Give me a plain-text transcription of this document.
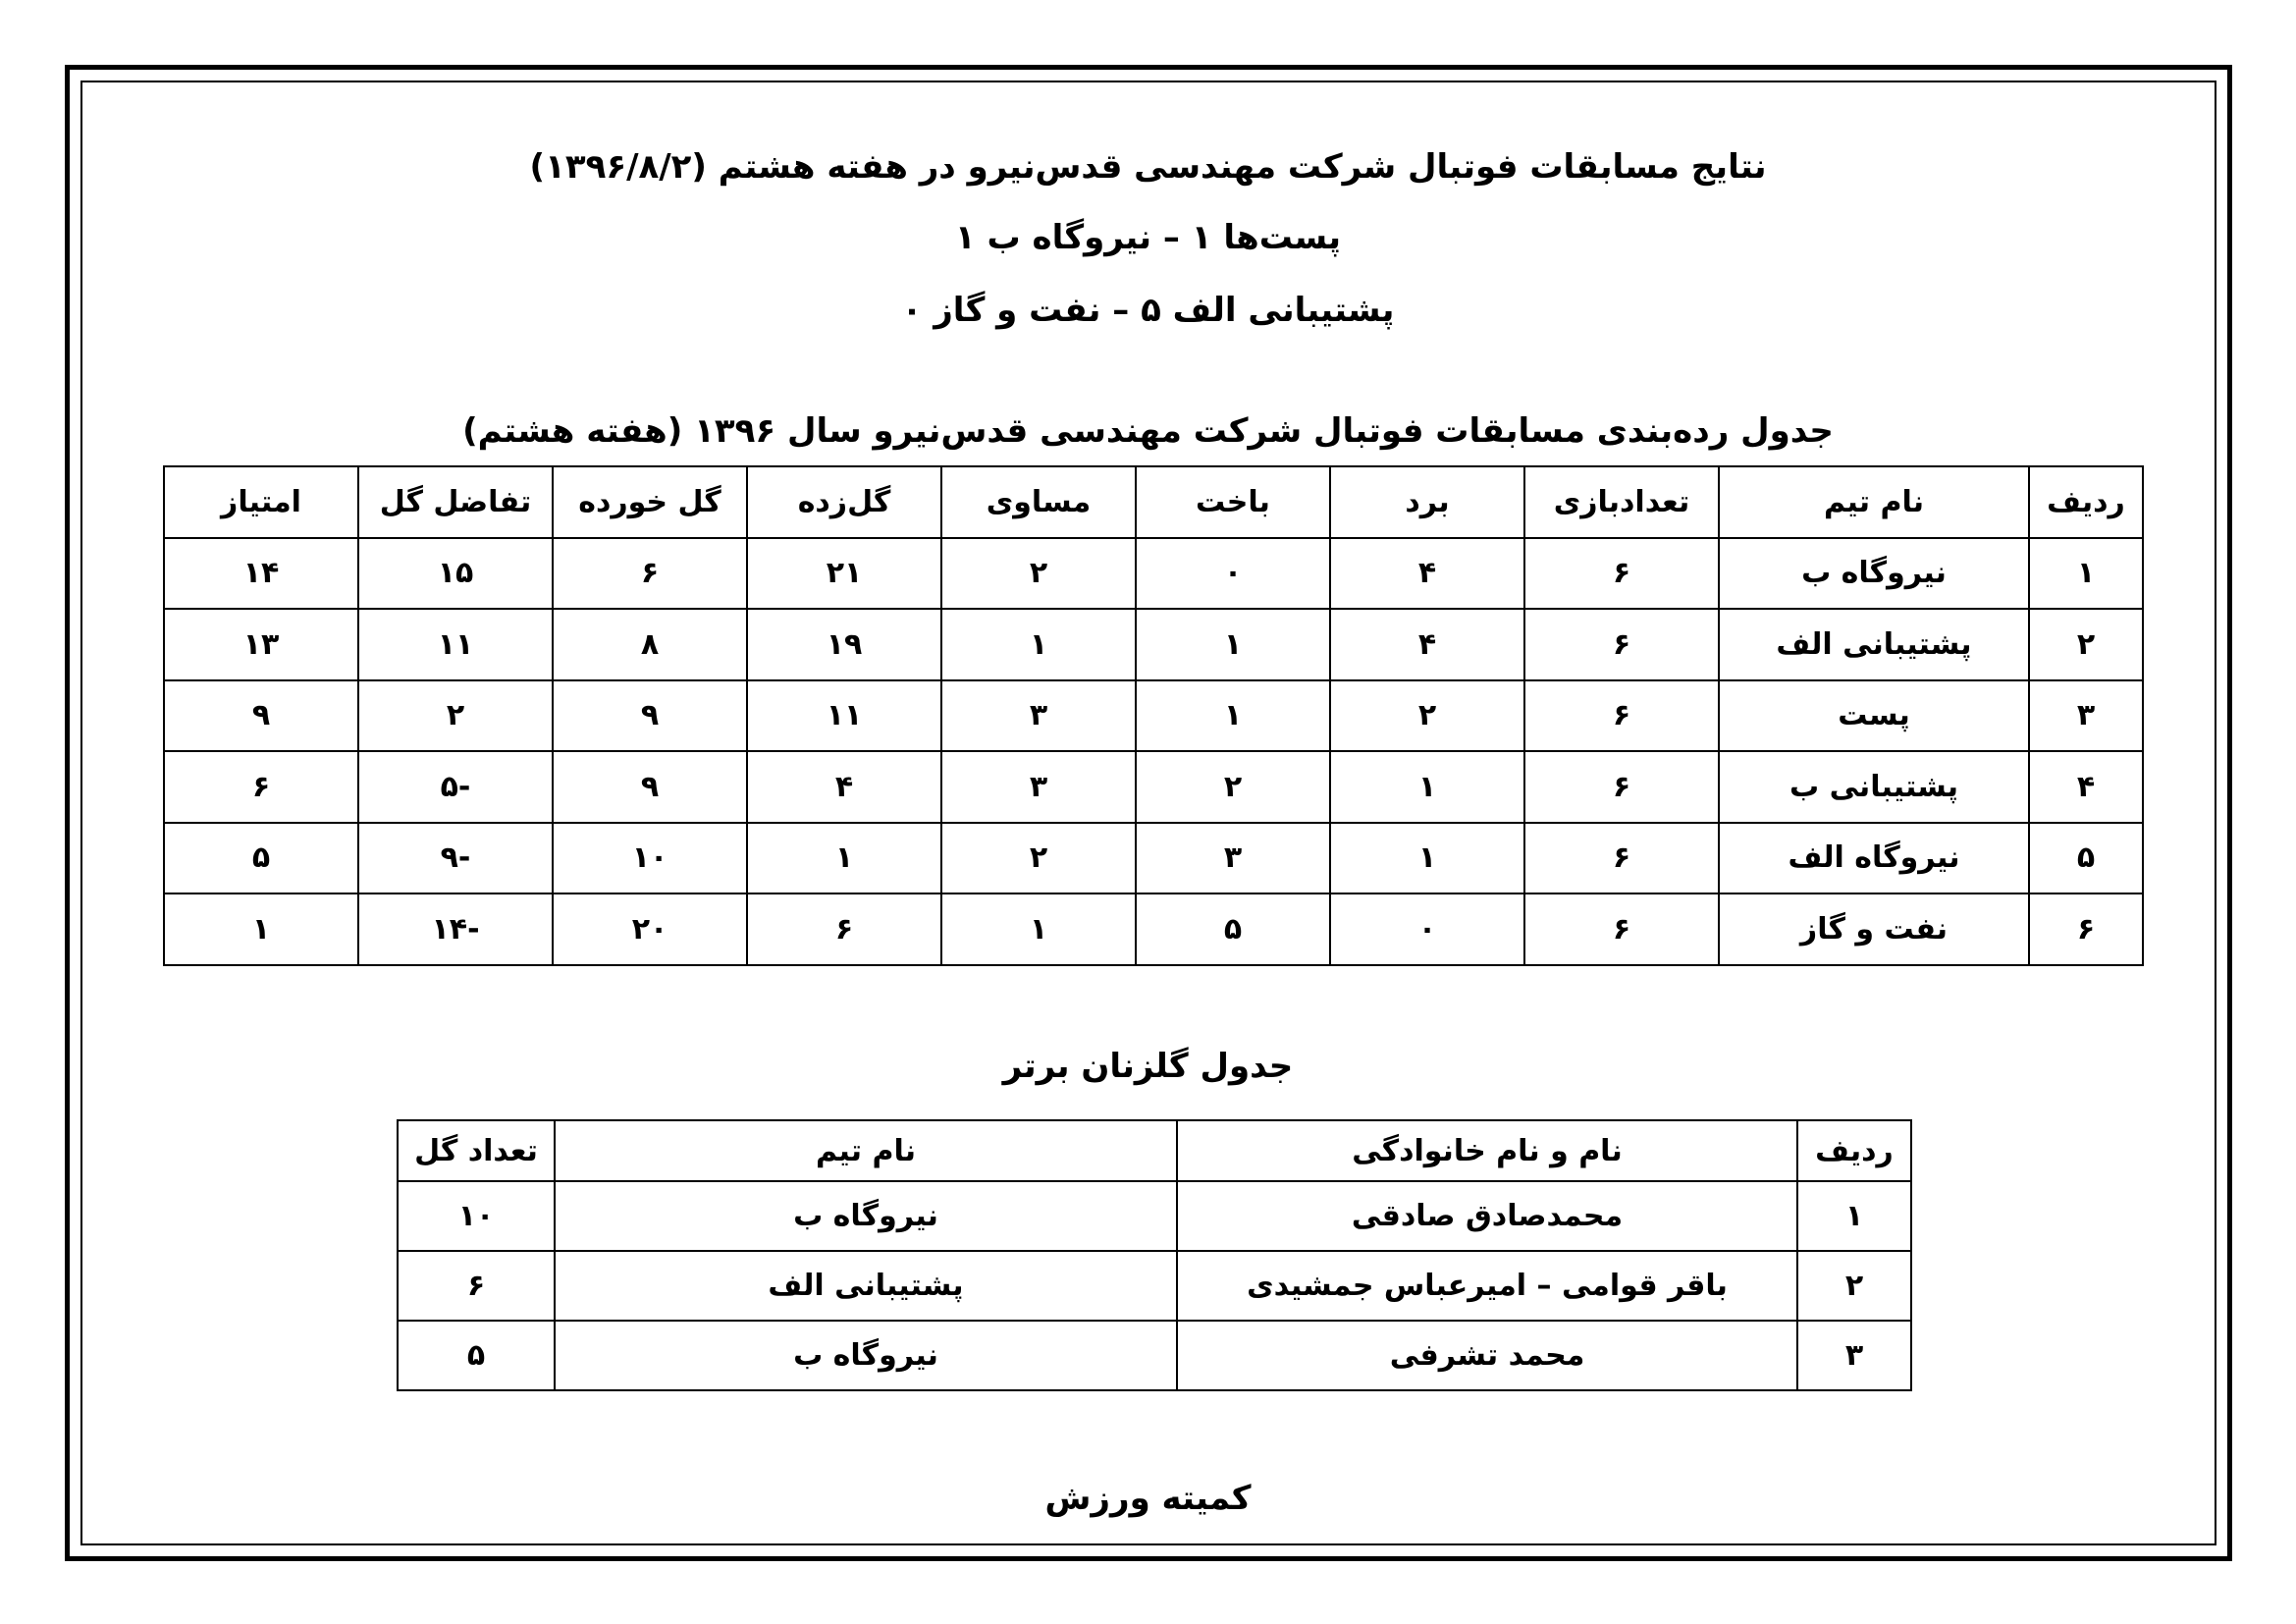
نتایج مسابقات فوتبال شرکت مهندسی قدس‌نیرو در هفته هشتم (۱۳۹۶/۸/۲)
پست‌ها ۱ – نیروگاه ب ۱
پشتیبانی الف ۵ – نفت و گاز ۰
جدول رده‌بندی مسابقات فوتبال شرکت مهندسی قدس‌نیرو سال ۱۳۹۶ (هفته هشتم)
ردیف	نام تیم	تعدادبازی	برد	باخت	مساوی	گل‌زده	گل خورده	تفاضل گل	امتیاز
۱	نیروگاه ب	۶	۴	۰	۲	۲۱	۶	۱۵	۱۴
۲	پشتیبانی الف	۶	۴	۱	۱	۱۹	۸	۱۱	۱۳
۳	پست	۶	۲	۱	۳	۱۱	۹	۲	۹
۴	پشتیبانی ب	۶	۱	۲	۳	۴	۹	-۵	۶
۵	نیروگاه الف	۶	۱	۳	۲	۱	۱۰	-۹	۵
۶	نفت و گاز	۶	۰	۵	۱	۶	۲۰	-۱۴	۱
جدول گلزنان برتر
ردیف	نام و نام خانوادگی	نام تیم	تعداد گل
۱	محمدصادق صادقی	نیروگاه ب	۱۰
۲	باقر قوامی – امیرعباس جمشیدی	پشتیبانی الف	۶
۳	محمد تشرفی	نیروگاه ب	۵
کمیته ورزش
